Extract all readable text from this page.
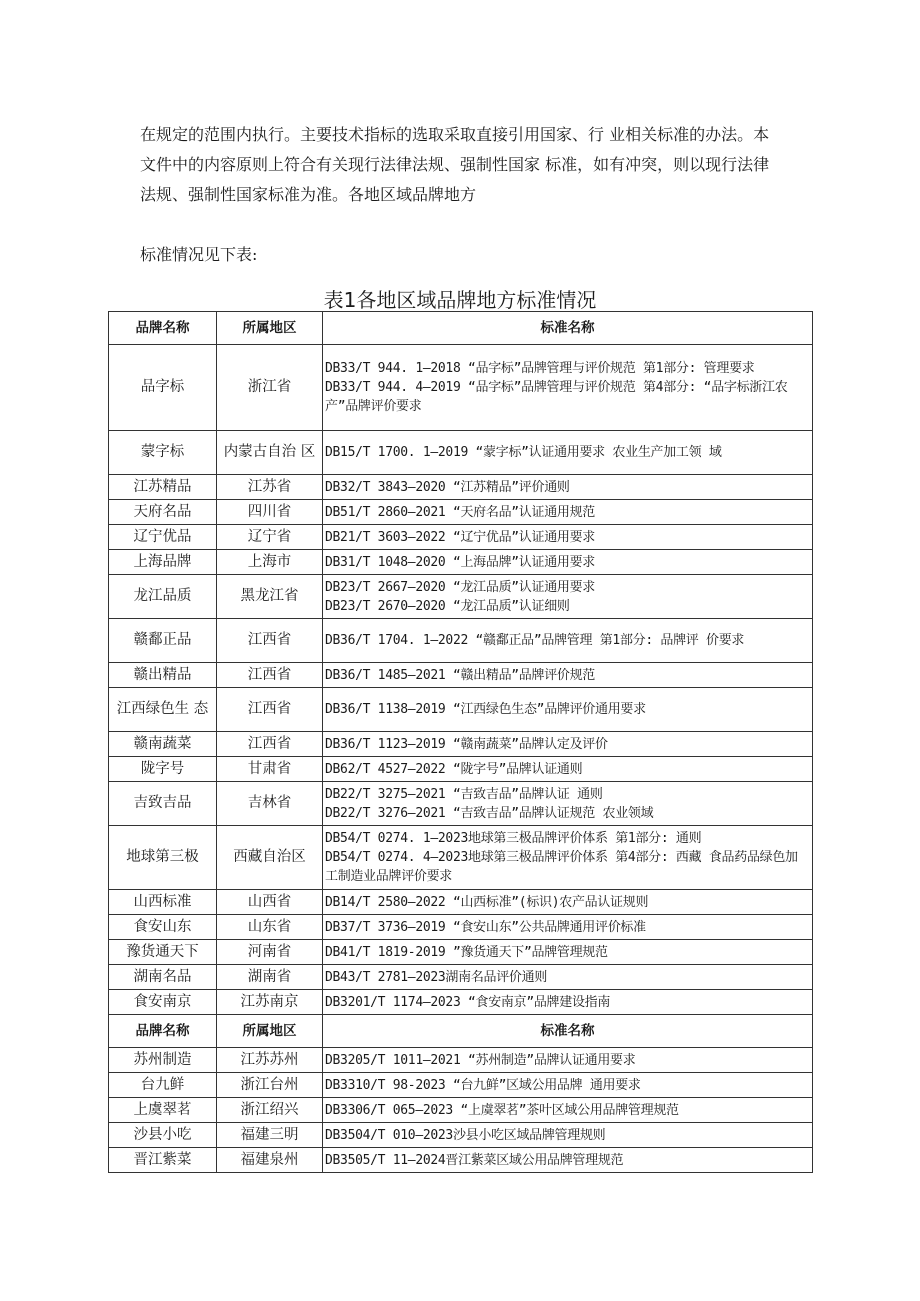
在规定的范围内执行。主要技术指标的选取采取直接引用国家、行 业相关标准的办法。本

文件中的内容原则上符合有关现行法律法规、强制性国家 标准，如有冲突，则以现行法律

法规、强制性国家标准为准。各地区域品牌地方

标准情况见下表:

表1各地区域品牌地方标准情况
品牌名称	所属地区	标准名称
品字标	浙江省	DB33/T 944. 1—2018 “品字标”品牌管理与评价规范 第1部分: 管理要求
DB33/T 944. 4—2019 “品字标”品牌管理与评价规范 第4部分: “品字标浙江农产”品牌评价要求

蒙字标	内蒙古自治 区	DB15/T 1700. 1—2019 “蒙字标”认证通用要求 农业生产加工领 域

江苏精品	江苏省	DB32/T 3843—2020 “江苏精品”评价通则

天府名品	四川省	DB51/T 2860—2021 “天府名品”认证通用规范

辽宁优品	辽宁省	DB21/T 3603—2022 “辽宁优品”认证通用要求

上海品牌	上海市	DB31/T 1048—2020 “上海品牌”认证通用要求

龙江品质	黑龙江省	DB23/T 2667—2020 “龙江品质”认证通用要求
DB23/T 2670—2020 “龙江品质”认证细则

赣鄱正品	江西省	DB36/T 1704. 1—2022 “赣鄱正品”品牌管理 第1部分: 品牌评 价要求

赣出精品	江西省	DB36/T 1485—2021 “赣出精品”品牌评价规范

江西绿色生 态	江西省	DB36/T 1138—2019 “江西绿色生态”品牌评价通用要求

赣南蔬菜	江西省	DB36/T 1123—2019 “赣南蔬菜”品牌认定及评价

陇字号	甘肃省	DB62/T 4527—2022 “陇字号”品牌认证通则

吉致吉品	吉林省	DB22/T 3275—2021 “吉致吉品”品牌认证 通则
DB22/T 3276—2021 “吉致吉品”品牌认证规范 农业领域

地球第三极	西藏自治区	DB54/T 0274. 1—2023地球第三极品牌评价体系 第1部分: 通则
DB54/T 0274. 4—2023地球第三极品牌评价体系 第4部分: 西藏 食品药品绿色加工制造业品牌评价要求

山西标准	山西省	DB14/T 2580—2022 “山西标准”(标识)农产品认证规则

食安山东	山东省	DB37/T 3736—2019 “食安山东”公共品牌通用评价标准

豫货通天下	河南省	DB41/T 1819-2019 ”豫货通天下”品牌管理规范

湖南名品	湖南省	DB43/T 2781—2023湖南名品评价通则

食安南京	江苏南京	DB3201/T 1174—2023 “食安南京”品牌建设指南

品牌名称	所属地区	标准名称
苏州制造	江苏苏州	DB3205/T 1011—2021 “苏州制造”品牌认证通用要求

台九鲜	浙江台州	DB3310/T 98-2023 “台九鲜”区域公用品牌 通用要求

上虞翠茗	浙江绍兴	DB3306/T 065—2023 “上虞翠茗”茶叶区域公用品牌管理规范

沙县小吃	福建三明	DB3504/T 010—2023沙县小吃区域品牌管理规则

晋江紫菜	福建泉州	DB3505/T 11—2024晋江紫菜区域公用品牌管理规范
